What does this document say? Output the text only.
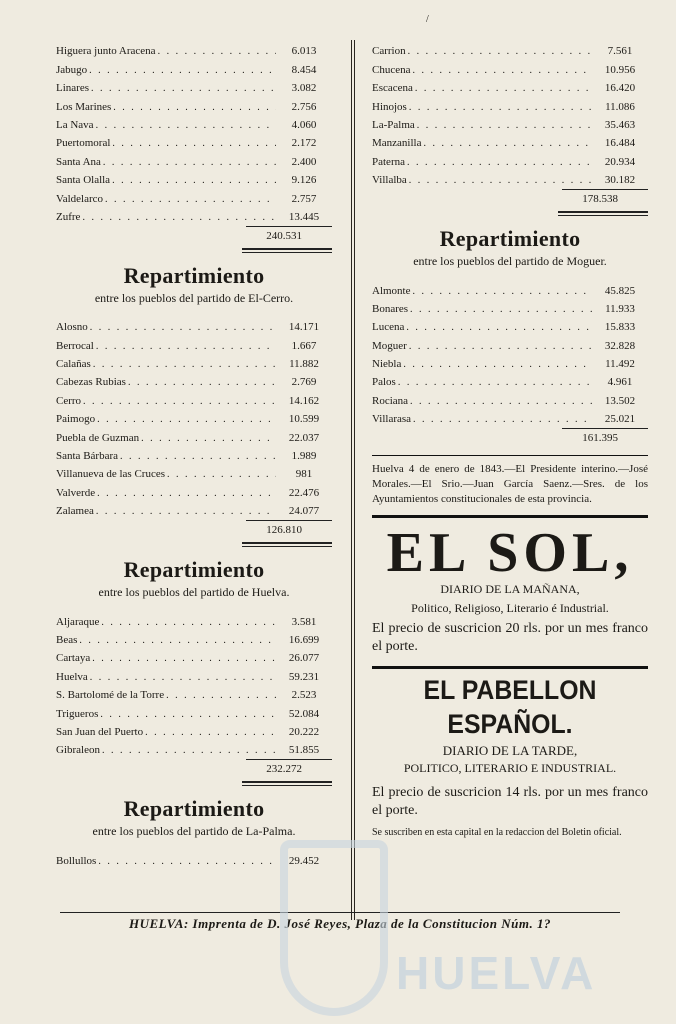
/
Higuera junto Aracena . . .	6.013
Jabugo . . .	8.454
Linares . . .	3.082
Los Marines . . .	2.756
La Nava . . .	4.060
Puertomoral . . .	2.172
Santa Ana . . .	2.400
Santa Olalla . . .	9.126
Valdelarco . . .	2.757
Zufre . . .	13.445
240.531
Repartimiento
entre los pueblos del partido de El-Cerro.
Alosno . . .	14.171
Berrocal . . .	1.667
Calañas . . .	11.882
Cabezas Rubias . . .	2.769
Cerro . . .	14.162
Paimogo . . .	10.599
Puebla de Guzman . . .	22.037
Santa Bárbara . . .	1.989
Villanueva de las Cruces . . .	981
Valverde . . .	22.476
Zalamea . . .	24.077
126.810
Repartimiento
entre los pueblos del partido de Huelva.
Aljaraque . . .	3.581
Beas . . .	16.699
Cartaya . . .	26.077
Huelva . . .	59.231
S. Bartolomé de la Torre . . .	2.523
Trigueros . . .	52.084
San Juan del Puerto . . .	20.222
Gibraleon . . .	51.855
232.272
Repartimiento
entre los pueblos del partido de La-Palma.
Bollullos . . .	29.452
Carrion . . .	7.561
Chucena . . .	10.956
Escacena . . .	16.420
Hinojos . . .	11.086
La-Palma . . .	35.463
Manzanilla . . .	16.484
Paterna . . .	20.934
Villalba . . .	30.182
178.538
Repartimiento
entre los pueblos del partido de Moguer.
Almonte . . .	45.825
Bonares . . .	11.933
Lucena . . .	15.833
Moguer . . .	32.828
Niebla . . .	11.492
Palos . . .	4.961
Rociana . . .	13.502
Villarasa . . .	25.021
161.395
Huelva 4 de enero de 1843.—El Presidente interino.—José Morales.—El Srio.—Juan García Saenz.—Sres. de los Ayuntamientos constitucionales de esta provincia.
EL SOL,
DIARIO DE LA MAÑANA,
Politico, Religioso, Literario é Industrial.
El precio de suscricion 20 rls. por un mes franco el porte.
EL PABELLON ESPAÑOL.
DIARIO DE LA TARDE,
POLITICO, LITERARIO E INDUSTRIAL.
El precio de suscricion 14 rls. por un mes franco el porte.
Se suscriben en esta capital en la redaccion del Boletin oficial.
HUELVA: Imprenta de D. José Reyes, Plaza de la Constitucion Núm. 1?
HUELVA
